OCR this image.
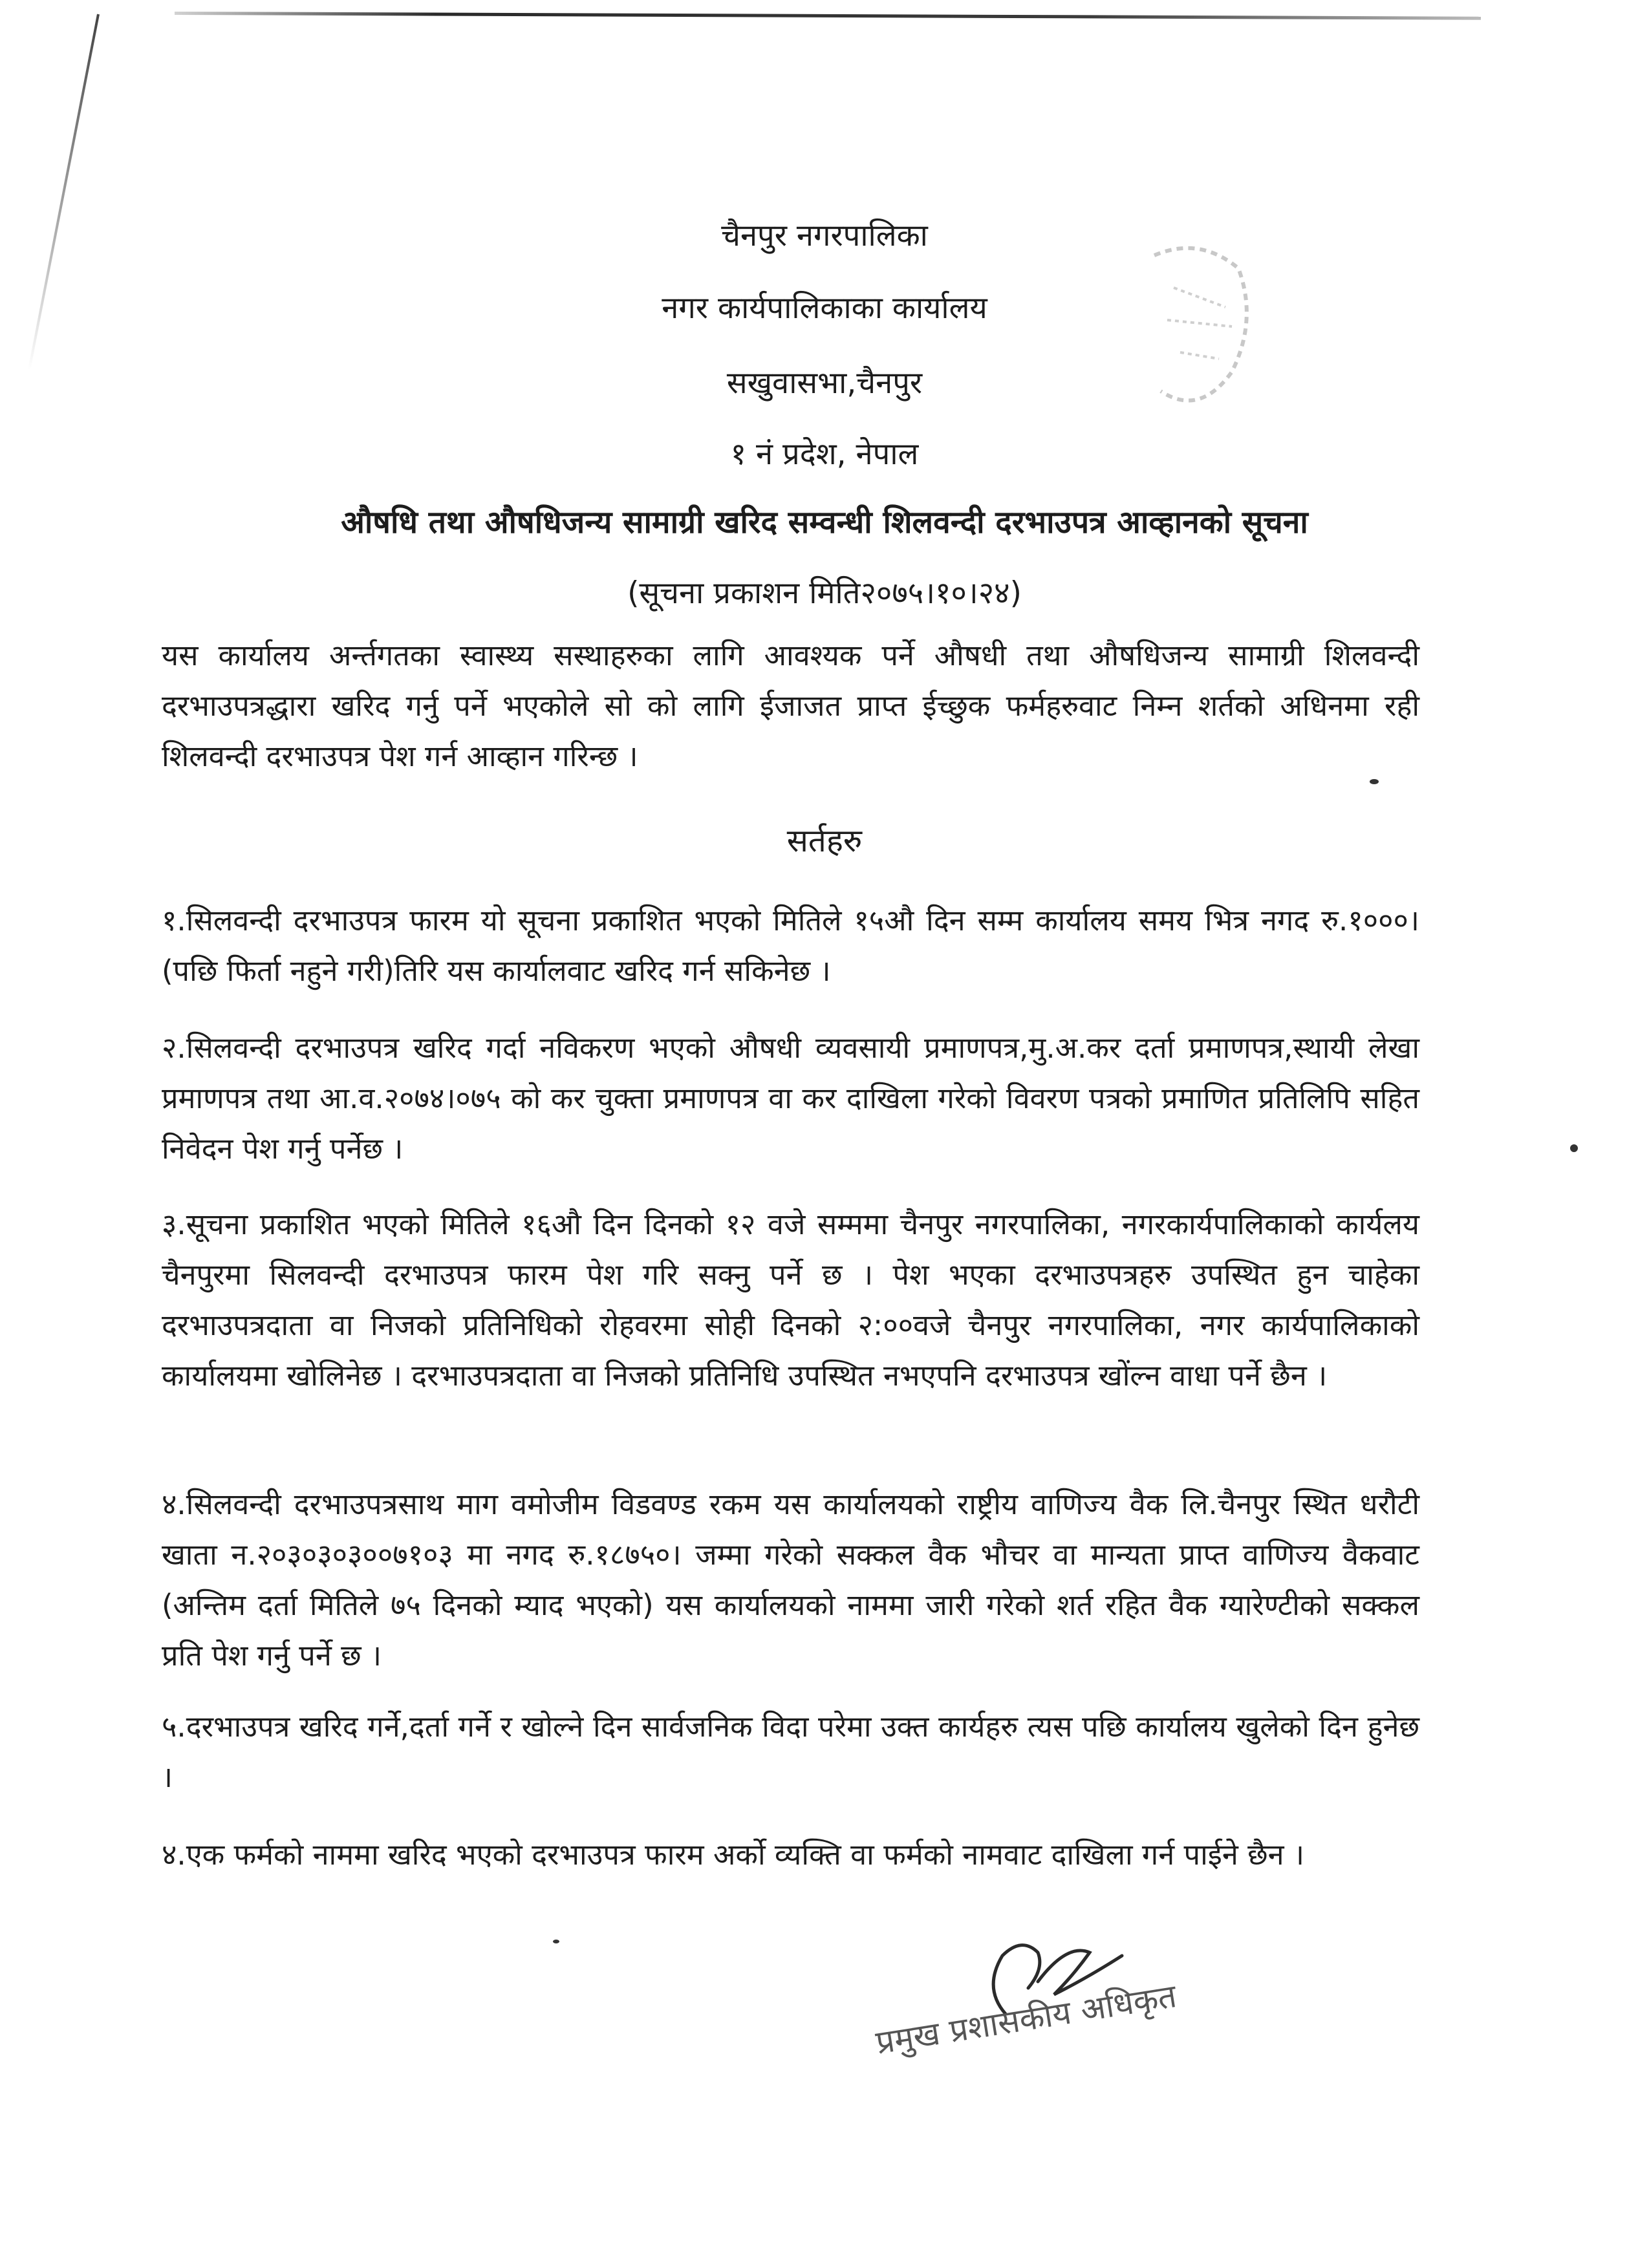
चैनपुर नगरपालिका
नगर कार्यपालिकाका कार्यालय
सखुवासभा,चैनपुर
१ नं प्रदेश, नेपाल
औषधि तथा औषधिजन्य सामाग्री खरिद सम्वन्धी शिलवन्दी दरभाउपत्र आव्हानको सूचना
(सूचना प्रकाशन मिति२०७५।१०।२४)
यस कार्यालय अर्न्तगतका स्वास्थ्य सस्थाहरुका लागि आवश्यक पर्ने औषधी तथा औषधिजन्य सामाग्री शिलवन्दी दरभाउपत्रद्धारा खरिद गर्नु पर्ने भएकोले सो को लागि ईजाजत प्राप्त ईच्छुक फर्महरुवाट निम्न शर्तको अधिनमा रही शिलवन्दी दरभाउपत्र पेश गर्न आव्हान गरिन्छ ।
सर्तहरु
१.सिलवन्दी दरभाउपत्र फारम यो सूचना प्रकाशित भएको मितिले १५औ दिन सम्म कार्यालय समय भित्र नगद रु.१०००।(पछि फिर्ता नहुने गरी)तिरि यस कार्यालवाट खरिद गर्न सकिनेछ ।
२.सिलवन्दी दरभाउपत्र खरिद गर्दा नविकरण भएको औषधी व्यवसायी प्रमाणपत्र,मु.अ.कर दर्ता प्रमाणपत्र,स्थायी लेखा प्रमाणपत्र तथा आ.व.२०७४।०७५ को कर चुक्ता प्रमाणपत्र वा कर दाखिला गरेको विवरण पत्रको प्रमाणित प्रतिलिपि सहित निवेदन पेश गर्नु पर्नेछ ।
३.सूचना प्रकाशित भएको मितिले १६औ दिन दिनको १२ वजे सम्ममा चैनपुर नगरपालिका, नगरकार्यपालिकाको कार्यलय चैनपुरमा सिलवन्दी दरभाउपत्र फारम पेश गरि सक्नु पर्ने छ । पेश भएका दरभाउपत्रहरु उपस्थित हुन चाहेका दरभाउपत्रदाता वा निजको प्रतिनिधिको रोहवरमा सोही दिनको २:००वजे चैनपुर नगरपालिका, नगर कार्यपालिकाको कार्यालयमा खोलिनेछ । दरभाउपत्रदाता वा निजको प्रतिनिधि उपस्थित नभएपनि दरभाउपत्र खोंल्न वाधा पर्ने छैन ।
४.सिलवन्दी दरभाउपत्रसाथ माग वमोजीम विडवण्ड रकम यस कार्यालयको राष्ट्रीय वाणिज्य वैक लि.चैनपुर स्थित धरौटी खाता न.२०३०३०३००७१०३ मा नगद रु.१८७५०। जम्मा गरेको सक्कल वैक भौचर वा मान्यता प्राप्त वाणिज्य वैकवाट (अन्तिम दर्ता मितिले ७५ दिनको म्याद भएको) यस कार्यालयको नाममा जारी गरेको शर्त रहित वैक ग्यारेण्टीको सक्कल प्रति पेश गर्नु पर्ने छ ।
५.दरभाउपत्र खरिद गर्ने,दर्ता गर्ने र खोल्ने दिन सार्वजनिक विदा परेमा उक्त कार्यहरु त्यस पछि कार्यालय खुलेको दिन हुनेछ ।
४.एक फर्मको नाममा खरिद भएको दरभाउपत्र फारम अर्को व्यक्ति वा फर्मको नामवाट दाखिला गर्न पाईने छैन ।
प्रमुख प्रशासकीय अधिकृत
